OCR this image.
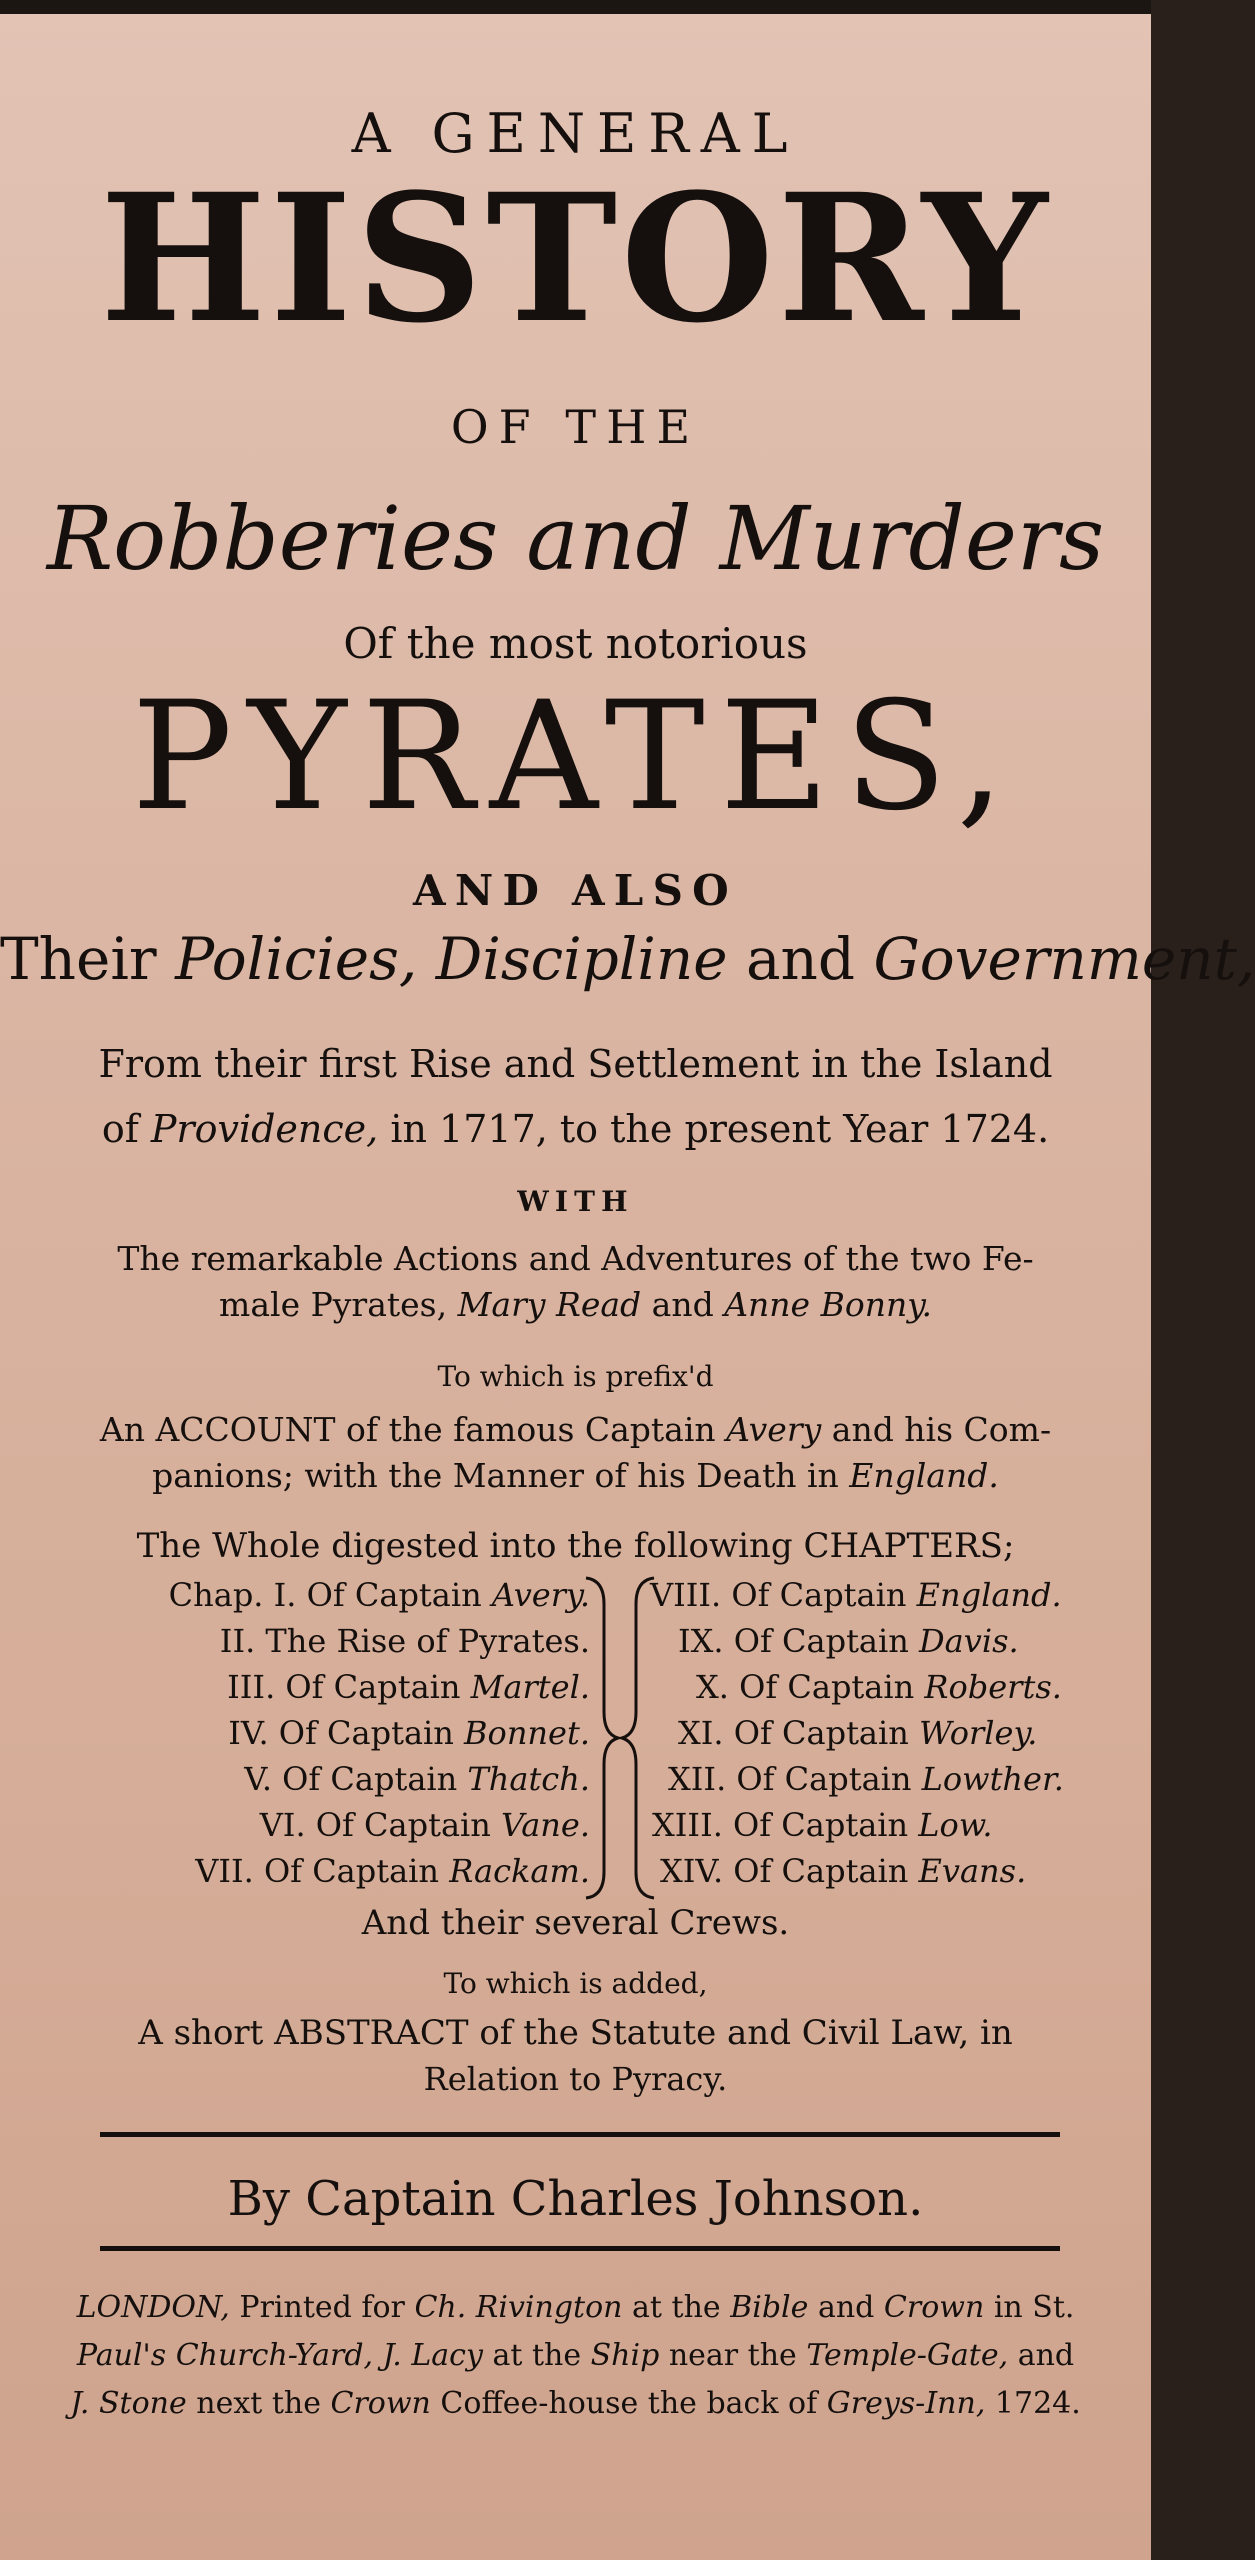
A GENERAL
HISTORY
OF THE
Robberies and Murders
Of the most notorious
PYRATES,
AND ALSO
Their Policies, Discipline and Government,
From their first Rise and Settlement in the Island
of Providence, in 1717, to the present Year 1724.
WITH
The remarkable Actions and Adventures of the two Fe-
male Pyrates, Mary Read and Anne Bonny.
To which is prefix'd
An ACCOUNT of the famous Captain Avery and his Com-
panions; with the Manner of his Death in England.
The Whole digested into the following CHAPTERS;
Chap. I. Of Captain Avery.
II. The Rise of Pyrates.
III. Of Captain Martel.
IV. Of Captain Bonnet.
V. Of Captain Thatch.
VI. Of Captain Vane.
VII. Of Captain Rackam.
VIII. Of Captain England.
IX. Of Captain Davis.
X. Of Captain Roberts.
XI. Of Captain Worley.
XII. Of Captain Lowther.
XIII. Of Captain Low.
XIV. Of Captain Evans.
And their several Crews.
To which is added,
A short ABSTRACT of the Statute and Civil Law, in
Relation to Pyracy.
By Captain Charles Johnson.
LONDON, Printed for Ch. Rivington at the Bible and Crown in St.
Paul's Church-Yard, J. Lacy at the Ship near the Temple-Gate, and
J. Stone next the Crown Coffee-house the back of Greys-Inn, 1724.
